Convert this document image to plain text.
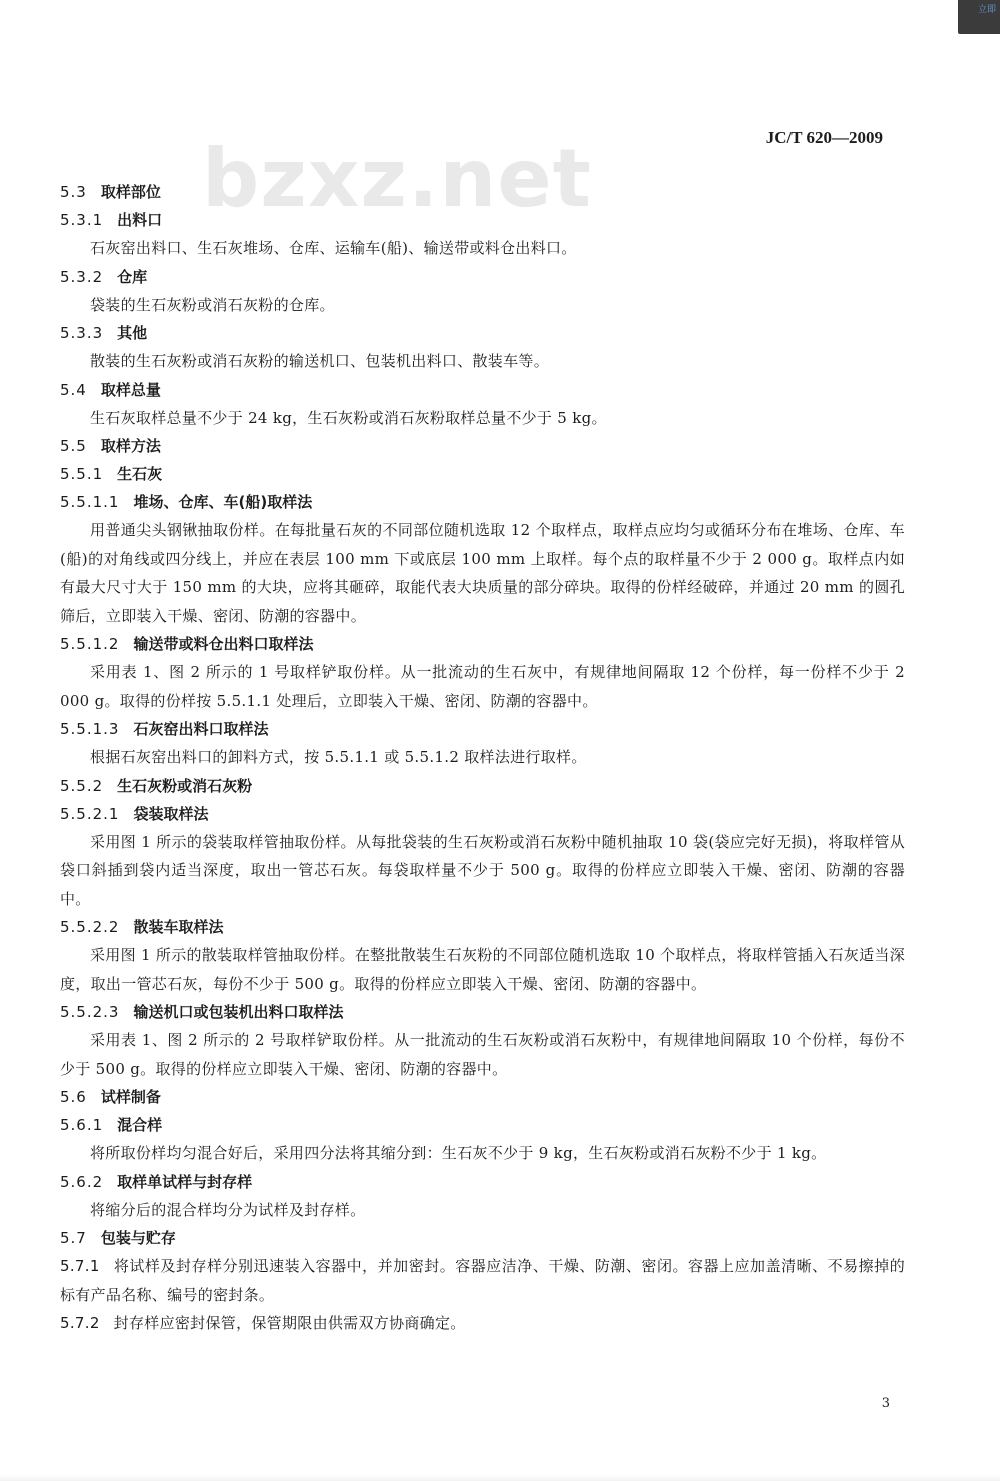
立即
bzxz.net	JC/T 620—2009
5.3 取样部位
5.3.1 出料口
石灰窑出料口、生石灰堆场、仓库、运输车(船)、输送带或料仓出料口。
5.3.2 仓库
袋装的生石灰粉或消石灰粉的仓库。
5.3.3 其他
散装的生石灰粉或消石灰粉的输送机口、包装机出料口、散装车等。
5.4 取样总量
生石灰取样总量不少于 24 kg，生石灰粉或消石灰粉取样总量不少于 5 kg。
5.5 取样方法
5.5.1 生石灰
5.5.1.1 堆场、仓库、车(船)取样法
用普通尖头钢锹抽取份样。在每批量石灰的不同部位随机选取 12 个取样点，取样点应均匀或循环分布在堆场、仓库、车(船)的对角线或四分线上，并应在表层 100 mm 下或底层 100 mm 上取样。每个点的取样量不少于 2 000 g。取样点内如有最大尺寸大于 150 mm 的大块，应将其砸碎，取能代表大块质量的部分碎块。取得的份样经破碎，并通过 20 mm 的圆孔筛后，立即装入干燥、密闭、防潮的容器中。
5.5.1.2 输送带或料仓出料口取样法
采用表 1、图 2 所示的 1 号取样铲取份样。从一批流动的生石灰中，有规律地间隔取 12 个份样，每一份样不少于 2 000 g。取得的份样按 5.5.1.1 处理后，立即装入干燥、密闭、防潮的容器中。
5.5.1.3 石灰窑出料口取样法
根据石灰窑出料口的卸料方式，按 5.5.1.1 或 5.5.1.2 取样法进行取样。
5.5.2 生石灰粉或消石灰粉
5.5.2.1 袋装取样法
采用图 1 所示的袋装取样管抽取份样。从每批袋装的生石灰粉或消石灰粉中随机抽取 10 袋(袋应完好无损)，将取样管从袋口斜插到袋内适当深度，取出一管芯石灰。每袋取样量不少于 500 g。取得的份样应立即装入干燥、密闭、防潮的容器中。
5.5.2.2 散装车取样法
采用图 1 所示的散装取样管抽取份样。在整批散装生石灰粉的不同部位随机选取 10 个取样点，将取样管插入石灰适当深度，取出一管芯石灰，每份不少于 500 g。取得的份样应立即装入干燥、密闭、防潮的容器中。
5.5.2.3 输送机口或包装机出料口取样法
采用表 1、图 2 所示的 2 号取样铲取份样。从一批流动的生石灰粉或消石灰粉中，有规律地间隔取 10 个份样，每份不少于 500 g。取得的份样应立即装入干燥、密闭、防潮的容器中。
5.6 试样制备
5.6.1 混合样
将所取份样均匀混合好后，采用四分法将其缩分到：生石灰不少于 9 kg，生石灰粉或消石灰粉不少于 1 kg。
5.6.2 取样单试样与封存样
将缩分后的混合样均分为试样及封存样。
5.7 包装与贮存
5.7.1 将试样及封存样分别迅速装入容器中，并加密封。容器应洁净、干燥、防潮、密闭。容器上应加盖清晰、不易擦掉的标有产品名称、编号的密封条。
5.7.2 封存样应密封保管，保管期限由供需双方协商确定。
3
